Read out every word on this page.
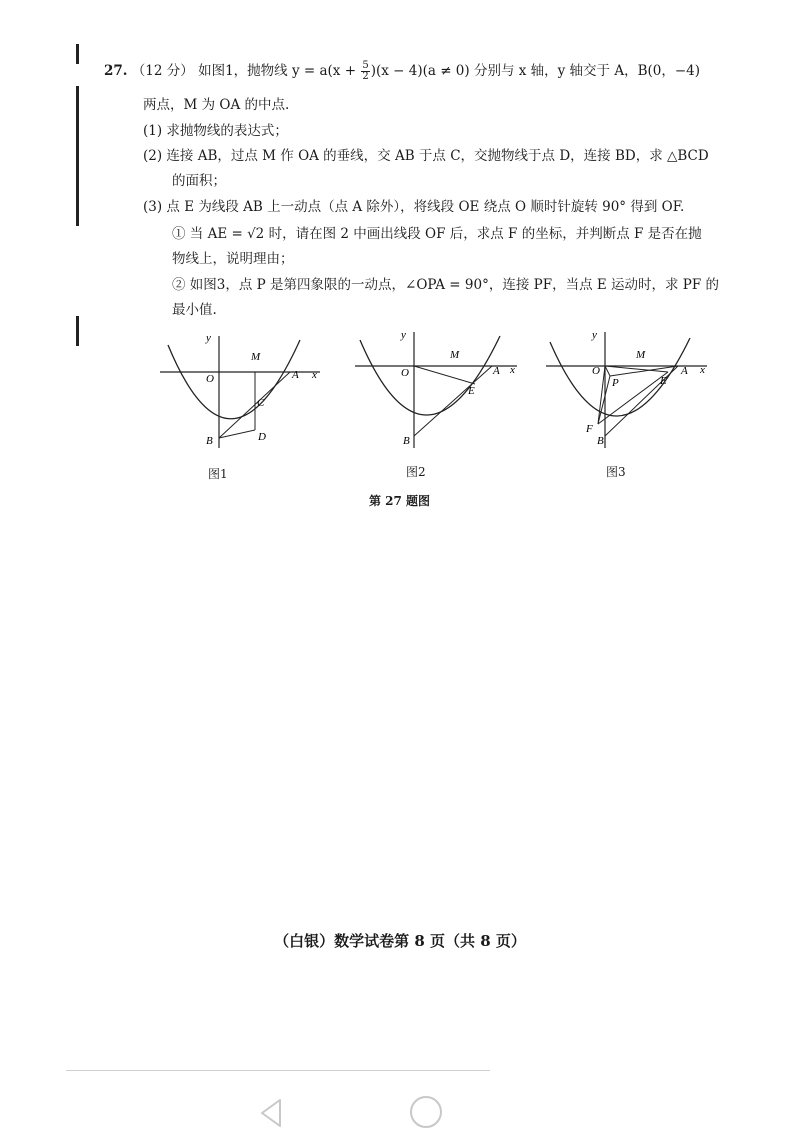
27. （12 分） 如图1，抛物线 $y = a(x + \frac{5}{2} )(x - 4)(a \ne 0)$ 分别与 x 轴，y 轴交于 A，B(0，−4)
两点，M 为 OA 的中点.
(1) 求抛物线的表达式；
(2) 连接 AB，过点 M 作 OA 的垂线，交 AB 于点 C，交抛物线于点 D，连接 BD，求 △BCD
的面积；
(3) 点 E 为线段 AB 上一动点（点 A 除外），将线段 OE 绕点 O 顺时针旋转 90° 得到 OF.
① 当 AE = √2 时，请在图 2 中画出线段 OF 后，求点 F 的坐标，并判断点 F 是否在抛
物线上，说明理由；
② 如图3，点 P 是第四象限的一动点，∠OPA = 90°，连接 PF，当点 E 运动时，求 PF 的
最小值.
y
x
O
M
A
B
C
D
y
x
O
M
A
B
E
y
x
O
M
A
B
E
P
F
图1	图2	图3
第 27 题图
（白银）数学试卷第 8 页（共 8 页）
